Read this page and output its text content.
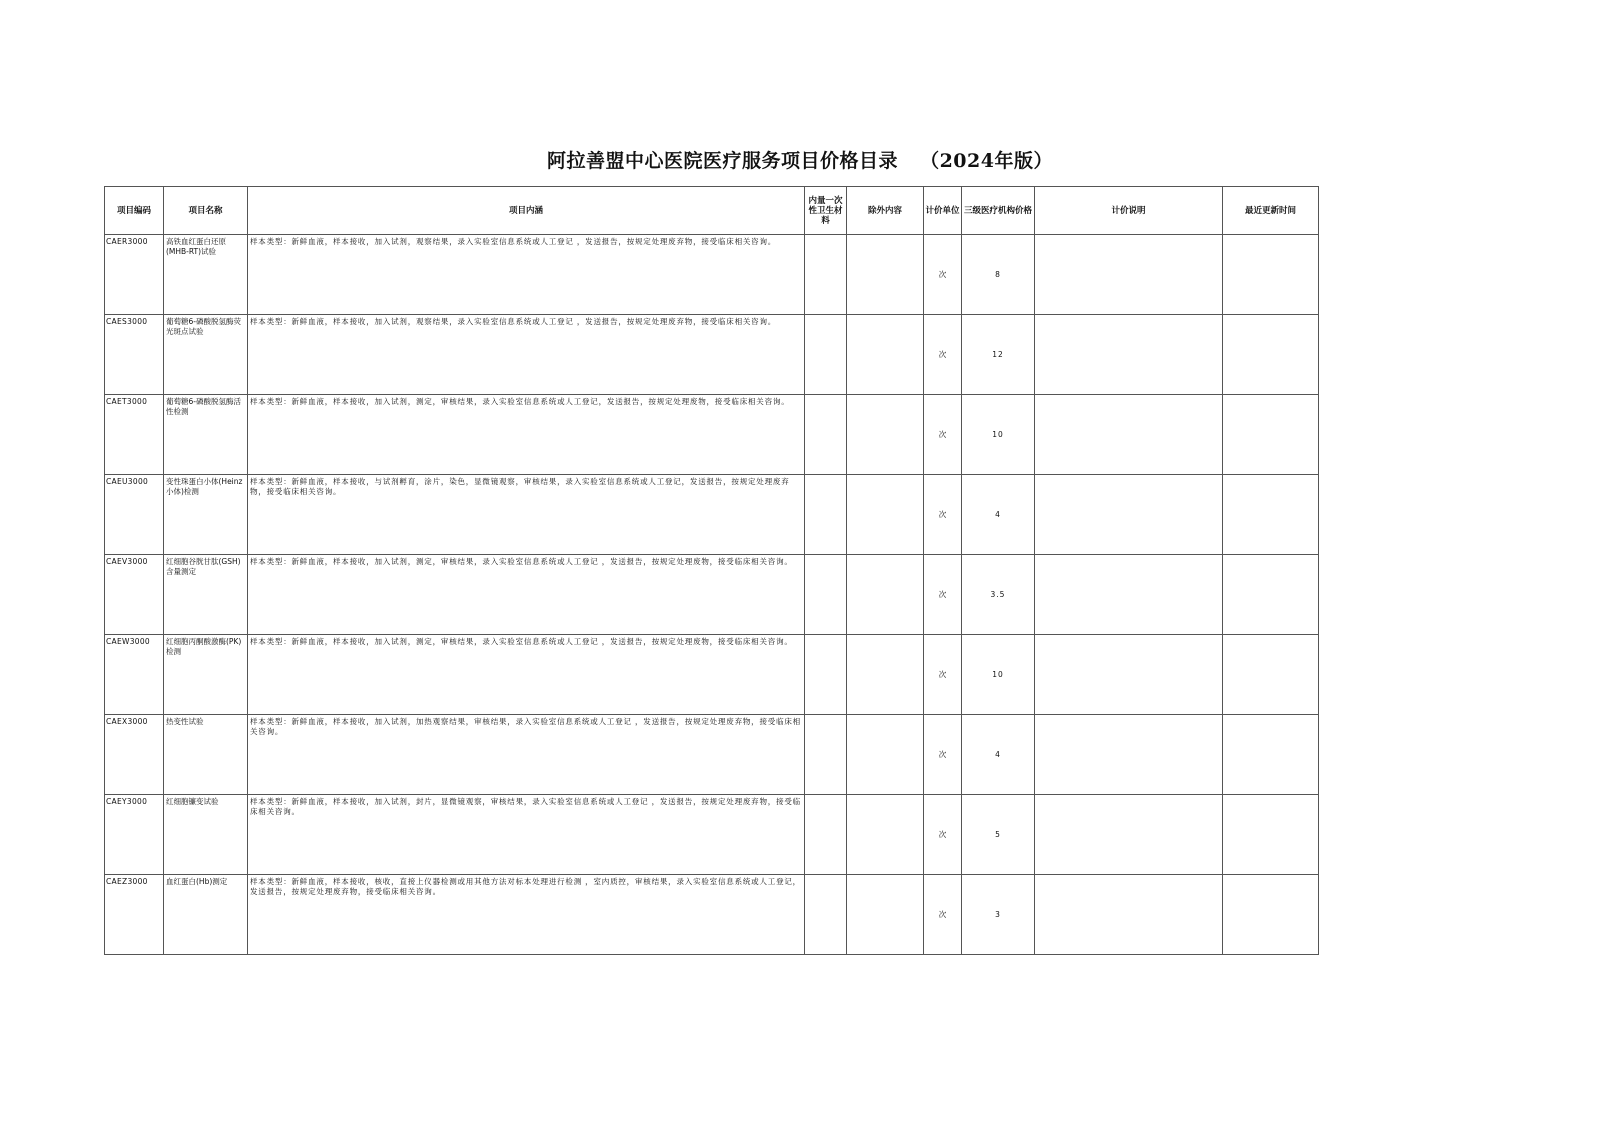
阿拉善盟中心医院医疗服务项目价格目录 （2024年版）
项目编码	项目名称	项目内涵	内量一次性卫生材料	除外内容	计价单位	三级医疗机构价格	计价说明	最近更新时间
CAER3000	高铁血红蛋白还原(MHB-RT)试验	样本类型：新鲜血液，样本接收，加入试剂，观察结果，录入实验室信息系统或人工登记 ，发送报告，按规定处理废弃物，接受临床相关咨询。			次	8		
CAES3000	葡萄糖6-磷酸脱氢酶荧光斑点试验	样本类型：新鲜血液，样本接收，加入试剂，观察结果，录入实验室信息系统或人工登记 ，发送报告，按规定处理废弃物，接受临床相关咨询。			次	12		
CAET3000	葡萄糖6-磷酸脱氢酶活性检测	样本类型：新鲜血液，样本接收，加入试剂，测定，审核结果，录入实验室信息系统或人工登记，发送报告，按规定处理废物，接受临床相关咨询。			次	10		
CAEU3000	变性珠蛋白小体(Heinz小体)检测	样本类型：新鲜血液，样本接收，与试剂孵育，涂片，染色，显微镜观察，审核结果，录入实验室信息系统或人工登记，发送报告，按规定处理废弃物，接受临床相关咨询。			次	4		
CAEV3000	红细胞谷胱甘肽(GSH)含量测定	样本类型：新鲜血液，样本接收，加入试剂，测定，审核结果，录入实验室信息系统或人工登记 ，发送报告，按规定处理废物，接受临床相关咨询。			次	3.5		
CAEW3000	红细胞丙酮酸激酶(PK)检测	样本类型：新鲜血液，样本接收，加入试剂，测定，审核结果，录入实验室信息系统或人工登记 ，发送报告，按规定处理废物，接受临床相关咨询。			次	10		
CAEX3000	热变性试验	样本类型：新鲜血液，样本接收，加入试剂，加热观察结果，审核结果，录入实验室信息系统或人工登记 ，发送报告，按规定处理废弃物，接受临床相关咨询。			次	4		
CAEY3000	红细胞镰变试验	样本类型：新鲜血液，样本接收，加入试剂，封片，显微镜观察，审核结果，录入实验室信息系统或人工登记 ，发送报告，按规定处理废弃物，接受临床相关咨询。			次	5		
CAEZ3000	血红蛋白(Hb)测定	样本类型：新鲜血液，样本接收，核收，直接上仪器检测或用其他方法对标本处理进行检测 ，室内质控，审核结果，录入实验室信息系统或人工登记，发送报告，按规定处理废弃物，接受临床相关咨询。			次	3		
